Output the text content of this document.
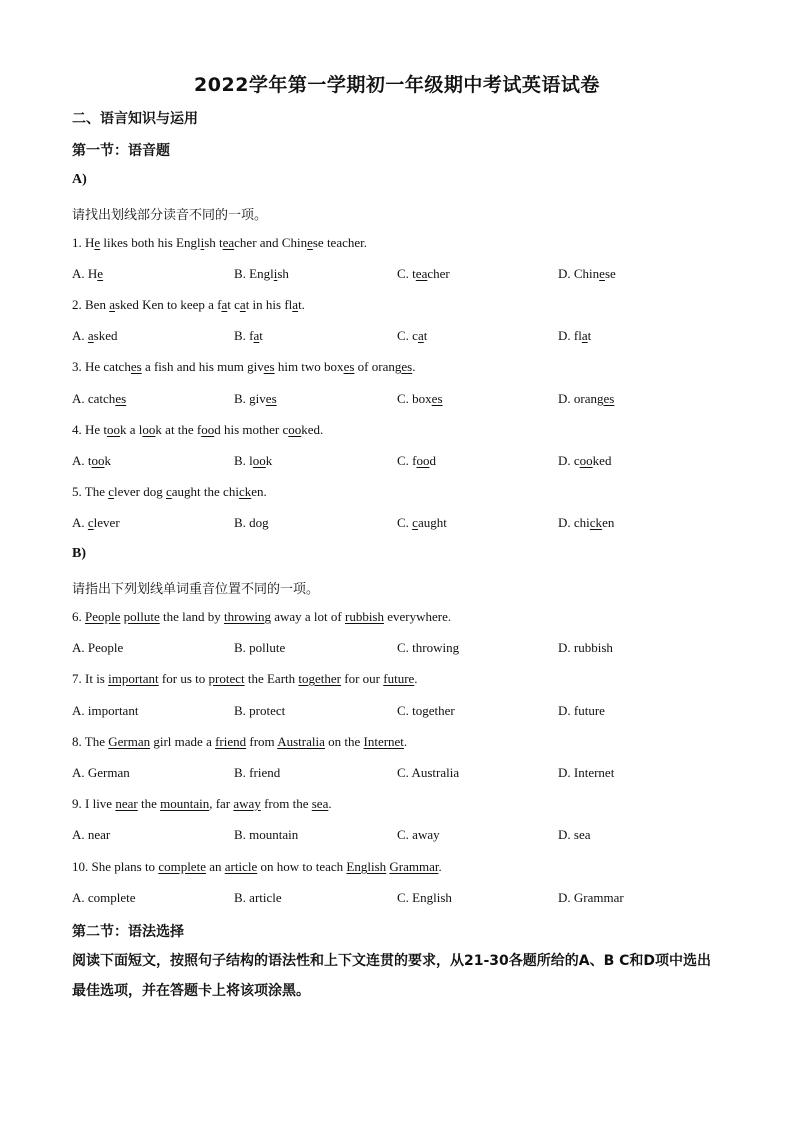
2022学年第一学期初一年级期中考试英语试卷
二、语言知识与运用
第一节：语音题
A)
请找出划线部分读音不同的一项。
1. He likes both his English teacher and Chinese teacher.
A. He	B. English	C. teacher	D. Chinese
2. Ben asked Ken to keep a fat cat in his flat.
A. asked	B. fat	C. cat	D. flat
3. He catches a fish and his mum gives him two boxes of oranges.
A. catches	B. gives	C. boxes	D. oranges
4. He took a look at the food his mother cooked.
A. took	B. look	C. food	D. cooked
5. The clever dog caught the chicken.
A. clever	B. dog	C. caught	D. chicken
B)
请指出下列划线单词重音位置不同的一项。
6. People pollute the land by throwing away a lot of rubbish everywhere.
A. People	B. pollute	C. throwing	D. rubbish
7. It is important for us to protect the Earth together for our future.
A. important	B. protect	C. together	D. future
8. The German girl made a friend from Australia on the Internet.
A. German	B. friend	C. Australia	D. Internet
9. I live near the mountain, far away from the sea.
A. near	B. mountain	C. away	D. sea
10. She plans to complete an article on how to teach English Grammar.
A. complete	B. article	C. English	D. Grammar
第二节：语法选择
阅读下面短文，按照句子结构的语法性和上下文连贯的要求，从21-30各题所给的A、B C和D项中选出最佳选项，并在答题卡上将该项涂黑。
